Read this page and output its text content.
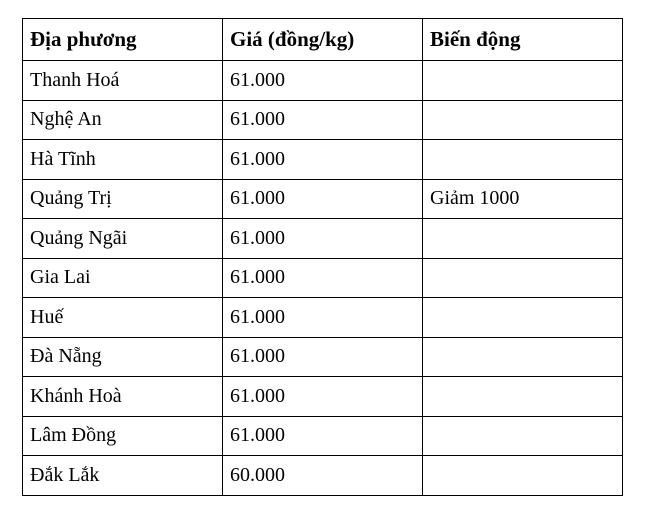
Địa phương	Giá (đồng/kg)	Biến động
Thanh Hoá	61.000	
Nghệ An	61.000	
Hà Tĩnh	61.000	
Quảng Trị	61.000	Giảm 1000
Quảng Ngãi	61.000	
Gia Lai	61.000	
Huế	61.000	
Đà Nẵng	61.000	
Khánh Hoà	61.000	
Lâm Đồng	61.000	
Đắk Lắk	60.000	
